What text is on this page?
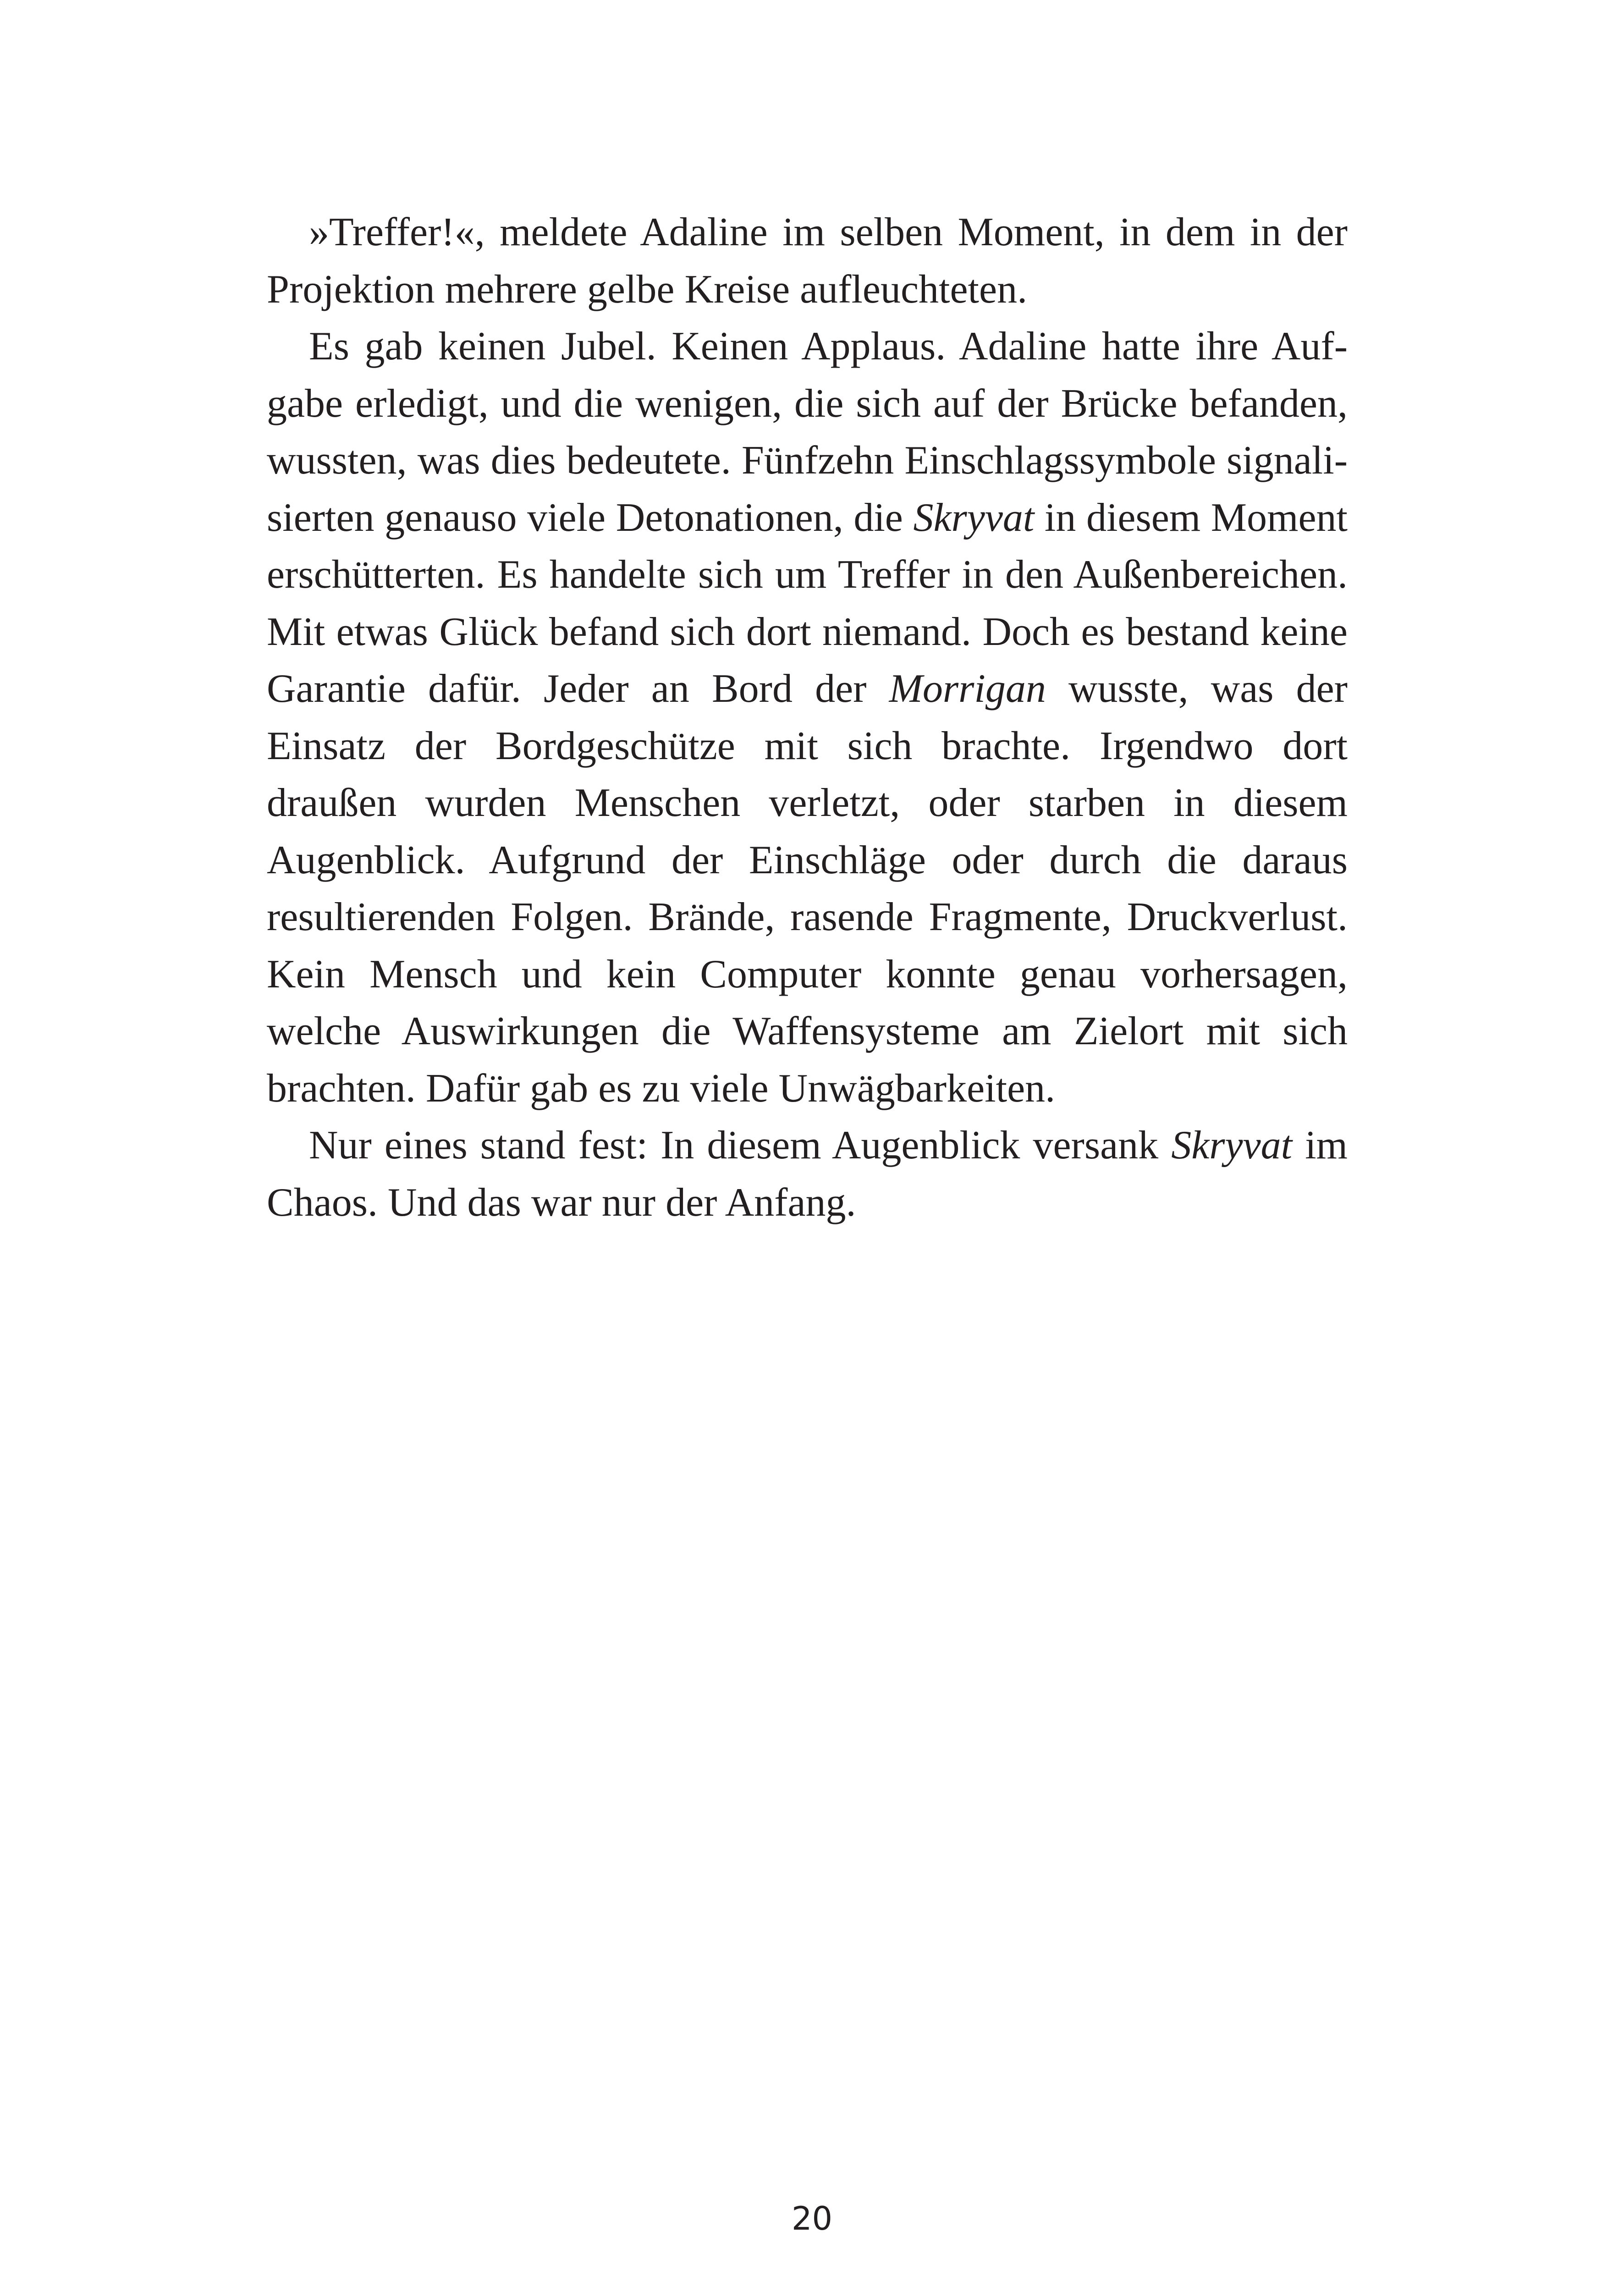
»Treffer!«, meldete Adaline im selben Moment, in dem in der Projektion mehrere gelbe Kreise aufleuchteten.

Es gab keinen Jubel. Keinen Applaus. Adaline hatte ihre Aufgabe erledigt, und die wenigen, die sich auf der Brücke befanden, wussten, was dies bedeutete. Fünfzehn Einschlagssymbole signalisierten genauso viele Detonationen, die Skryvat in diesem Moment erschütterten. Es handelte sich um Treffer in den Außenbereichen. Mit etwas Glück befand sich dort niemand. Doch es bestand keine Garantie dafür. Jeder an Bord der Morrigan wusste, was der Einsatz der Bordgeschütze mit sich brachte. Irgendwo dort draußen wurden Menschen verletzt, oder starben in diesem Augenblick. Aufgrund der Einschläge oder durch die daraus resultierenden Folgen. Brände, rasende Fragmente, Druckverlust. Kein Mensch und kein Computer konnte genau vorhersagen, welche Auswirkungen die Waffensysteme am Zielort mit sich brachten. Dafür gab es zu viele Unwägbarkeiten.

Nur eines stand fest: In diesem Augenblick versank Skryvat im Chaos. Und das war nur der Anfang.

20
